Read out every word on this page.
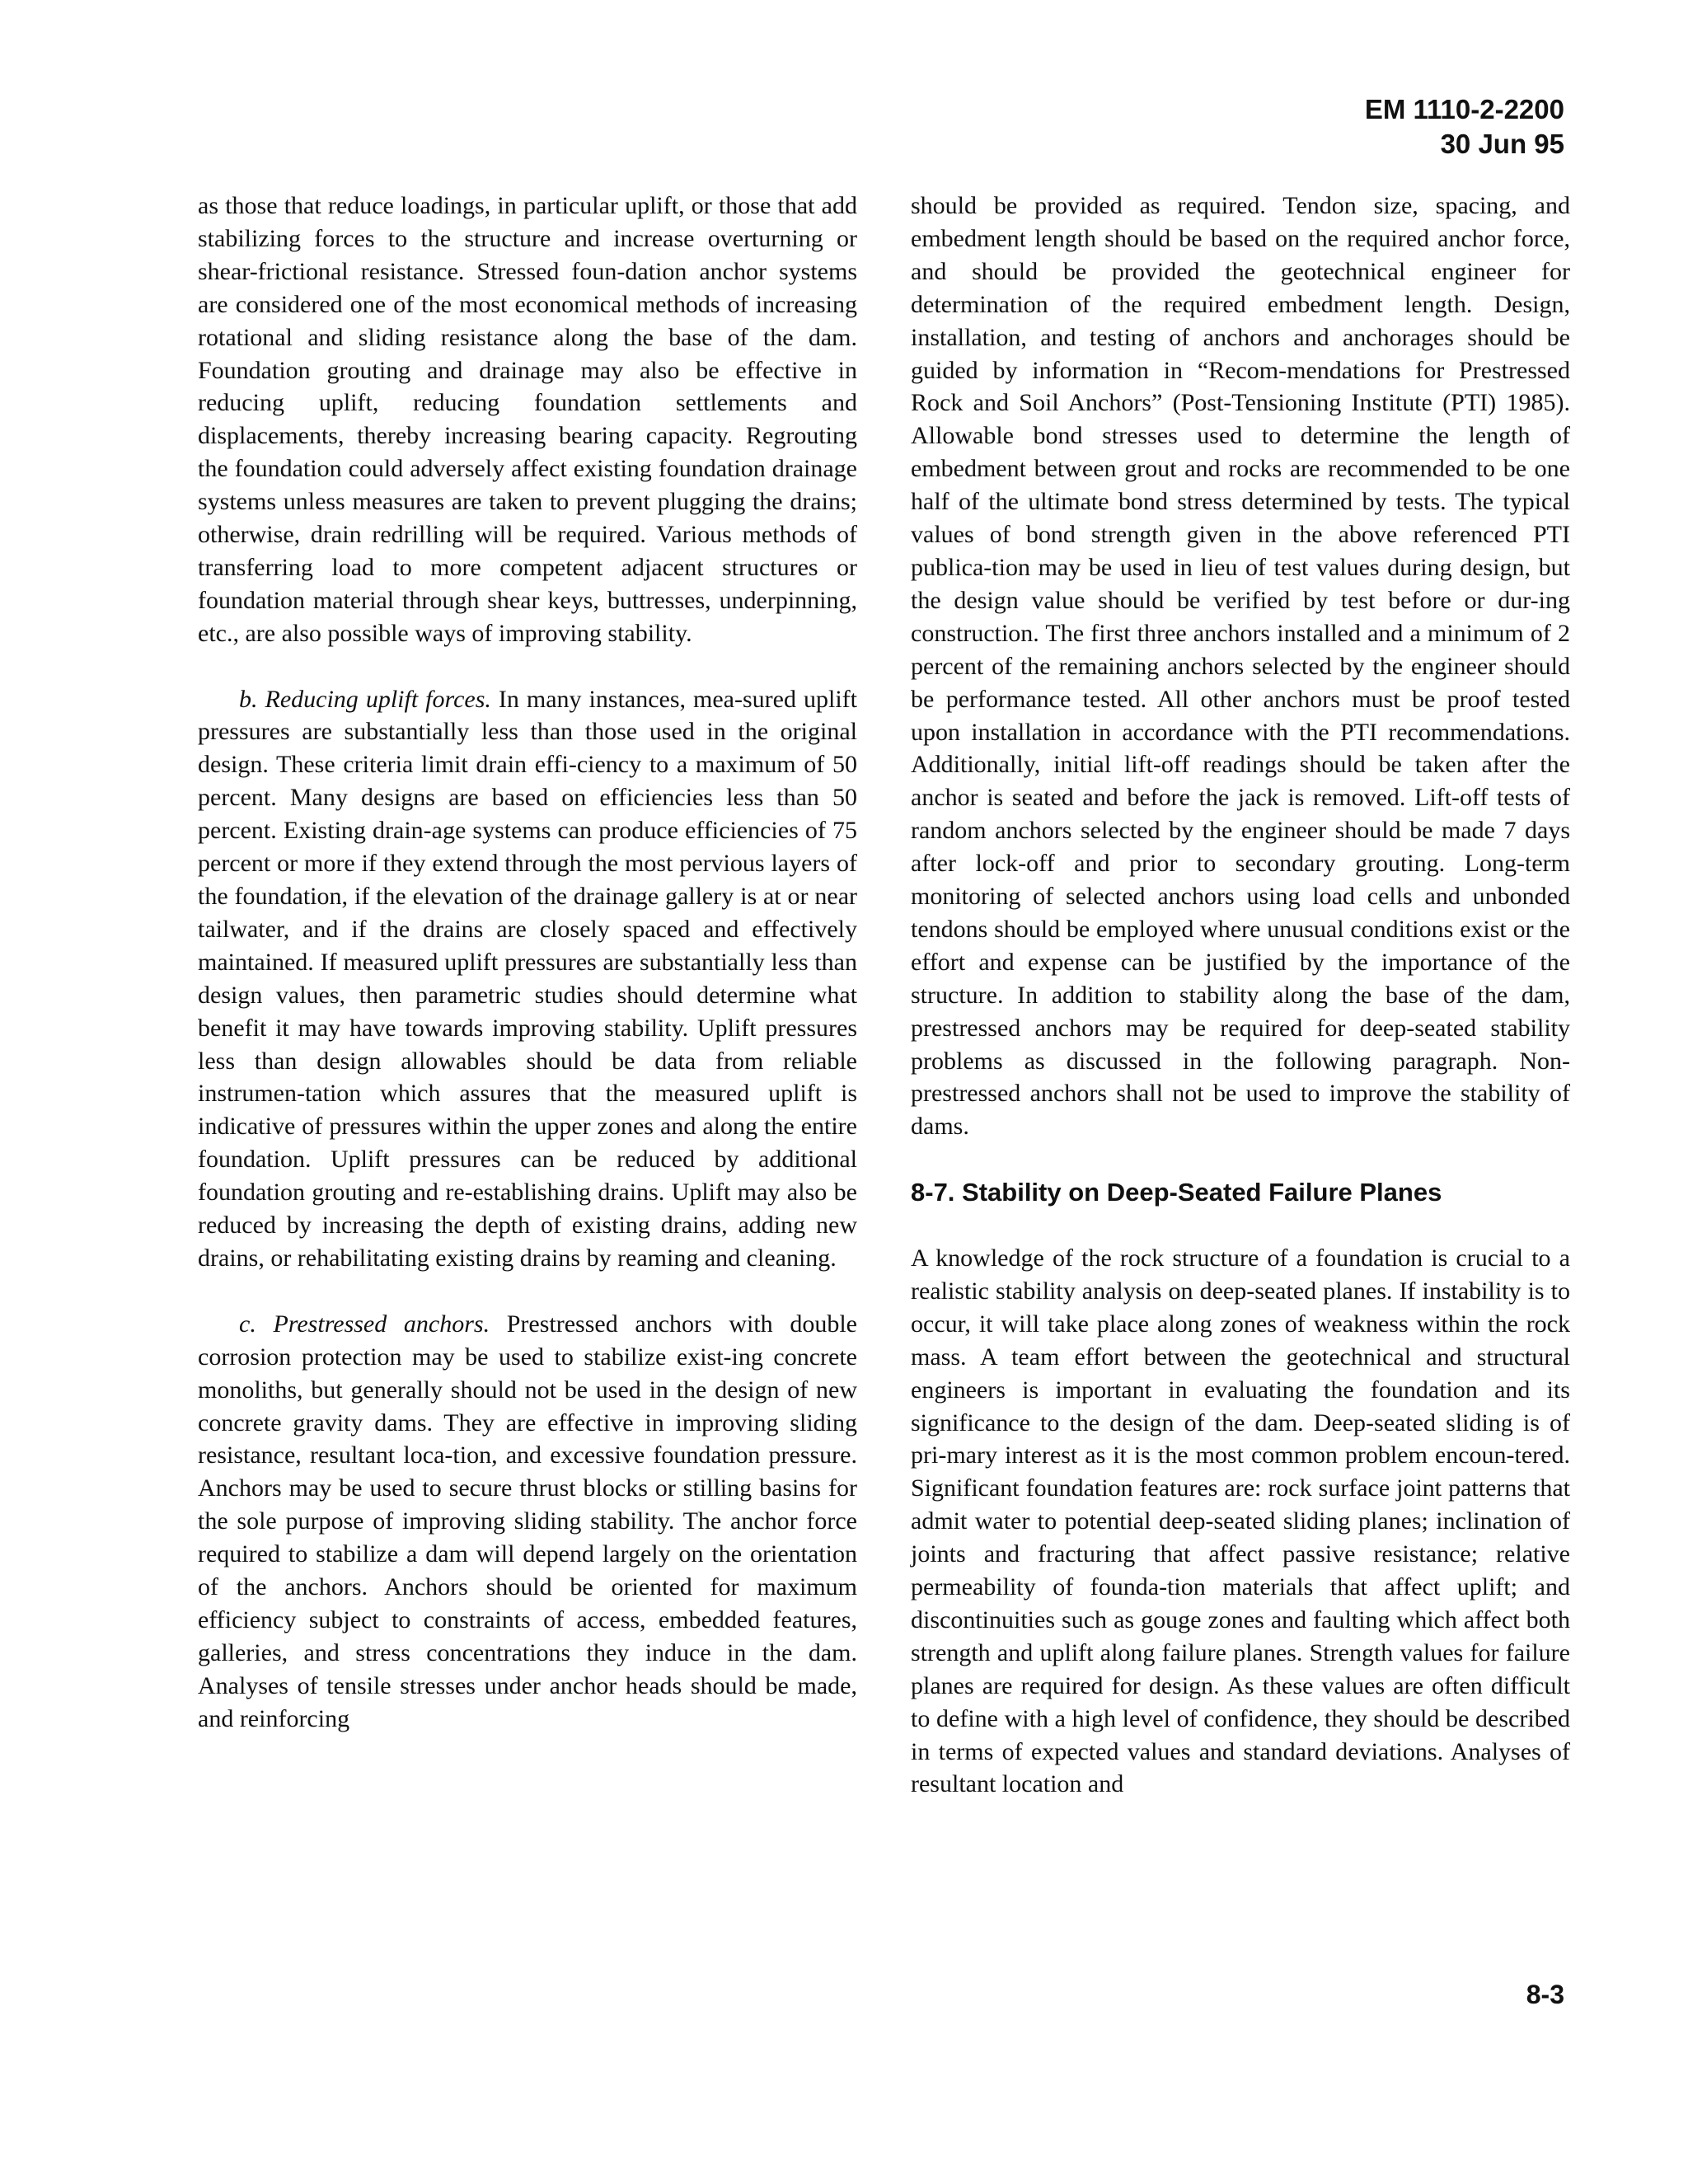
EM 1110-2-2200
30 Jun 95

as those that reduce loadings, in particular uplift, or those that add stabilizing forces to the structure and increase overturning or shear-frictional resistance. Stressed foun-dation anchor systems are considered one of the most economical methods of increasing rotational and sliding resistance along the base of the dam. Foundation grouting and drainage may also be effective in reducing uplift, reducing foundation settlements and displacements, thereby increasing bearing capacity. Regrouting the foundation could adversely affect existing foundation drainage systems unless measures are taken to prevent plugging the drains; otherwise, drain redrilling will be required. Various methods of transferring load to more competent adjacent structures or foundation material through shear keys, buttresses, underpinning, etc., are also possible ways of improving stability.

b. Reducing uplift forces. In many instances, mea-sured uplift pressures are substantially less than those used in the original design. These criteria limit drain effi-ciency to a maximum of 50 percent. Many designs are based on efficiencies less than 50 percent. Existing drain-age systems can produce efficiencies of 75 percent or more if they extend through the most pervious layers of the foundation, if the elevation of the drainage gallery is at or near tailwater, and if the drains are closely spaced and effectively maintained. If measured uplift pressures are substantially less than design values, then parametric studies should determine what benefit it may have towards improving stability. Uplift pressures less than design allowables should be data from reliable instrumen-tation which assures that the measured uplift is indicative of pressures within the upper zones and along the entire foundation. Uplift pressures can be reduced by additional foundation grouting and re-establishing drains. Uplift may also be reduced by increasing the depth of existing drains, adding new drains, or rehabilitating existing drains by reaming and cleaning.

c. Prestressed anchors. Prestressed anchors with double corrosion protection may be used to stabilize exist-ing concrete monoliths, but generally should not be used in the design of new concrete gravity dams. They are effective in improving sliding resistance, resultant loca-tion, and excessive foundation pressure. Anchors may be used to secure thrust blocks or stilling basins for the sole purpose of improving sliding stability. The anchor force required to stabilize a dam will depend largely on the orientation of the anchors. Anchors should be oriented for maximum efficiency subject to constraints of access, embedded features, galleries, and stress concentrations they induce in the dam. Analyses of tensile stresses under anchor heads should be made, and reinforcing

should be provided as required. Tendon size, spacing, and embedment length should be based on the required anchor force, and should be provided the geotechnical engineer for determination of the required embedment length. Design, installation, and testing of anchors and anchorages should be guided by information in “Recom-mendations for Prestressed Rock and Soil Anchors” (Post-Tensioning Institute (PTI) 1985). Allowable bond stresses used to determine the length of embedment between grout and rocks are recommended to be one half of the ultimate bond stress determined by tests. The typical values of bond strength given in the above referenced PTI publica-tion may be used in lieu of test values during design, but the design value should be verified by test before or dur-ing construction. The first three anchors installed and a minimum of 2 percent of the remaining anchors selected by the engineer should be performance tested. All other anchors must be proof tested upon installation in accordance with the PTI recommendations. Additionally, initial lift-off readings should be taken after the anchor is seated and before the jack is removed. Lift-off tests of random anchors selected by the engineer should be made 7 days after lock-off and prior to secondary grouting. Long-term monitoring of selected anchors using load cells and unbonded tendons should be employed where unusual conditions exist or the effort and expense can be justified by the importance of the structure. In addition to stability along the base of the dam, prestressed anchors may be required for deep-seated stability problems as discussed in the following paragraph. Non-prestressed anchors shall not be used to improve the stability of dams.

8-7. Stability on Deep-Seated Failure Planes

A knowledge of the rock structure of a foundation is crucial to a realistic stability analysis on deep-seated planes. If instability is to occur, it will take place along zones of weakness within the rock mass. A team effort between the geotechnical and structural engineers is important in evaluating the foundation and its significance to the design of the dam. Deep-seated sliding is of pri-mary interest as it is the most common problem encoun-tered. Significant foundation features are: rock surface joint patterns that admit water to potential deep-seated sliding planes; inclination of joints and fracturing that affect passive resistance; relative permeability of founda-tion materials that affect uplift; and discontinuities such as gouge zones and faulting which affect both strength and uplift along failure planes. Strength values for failure planes are required for design. As these values are often difficult to define with a high level of confidence, they should be described in terms of expected values and standard deviations. Analyses of resultant location and

8-3
